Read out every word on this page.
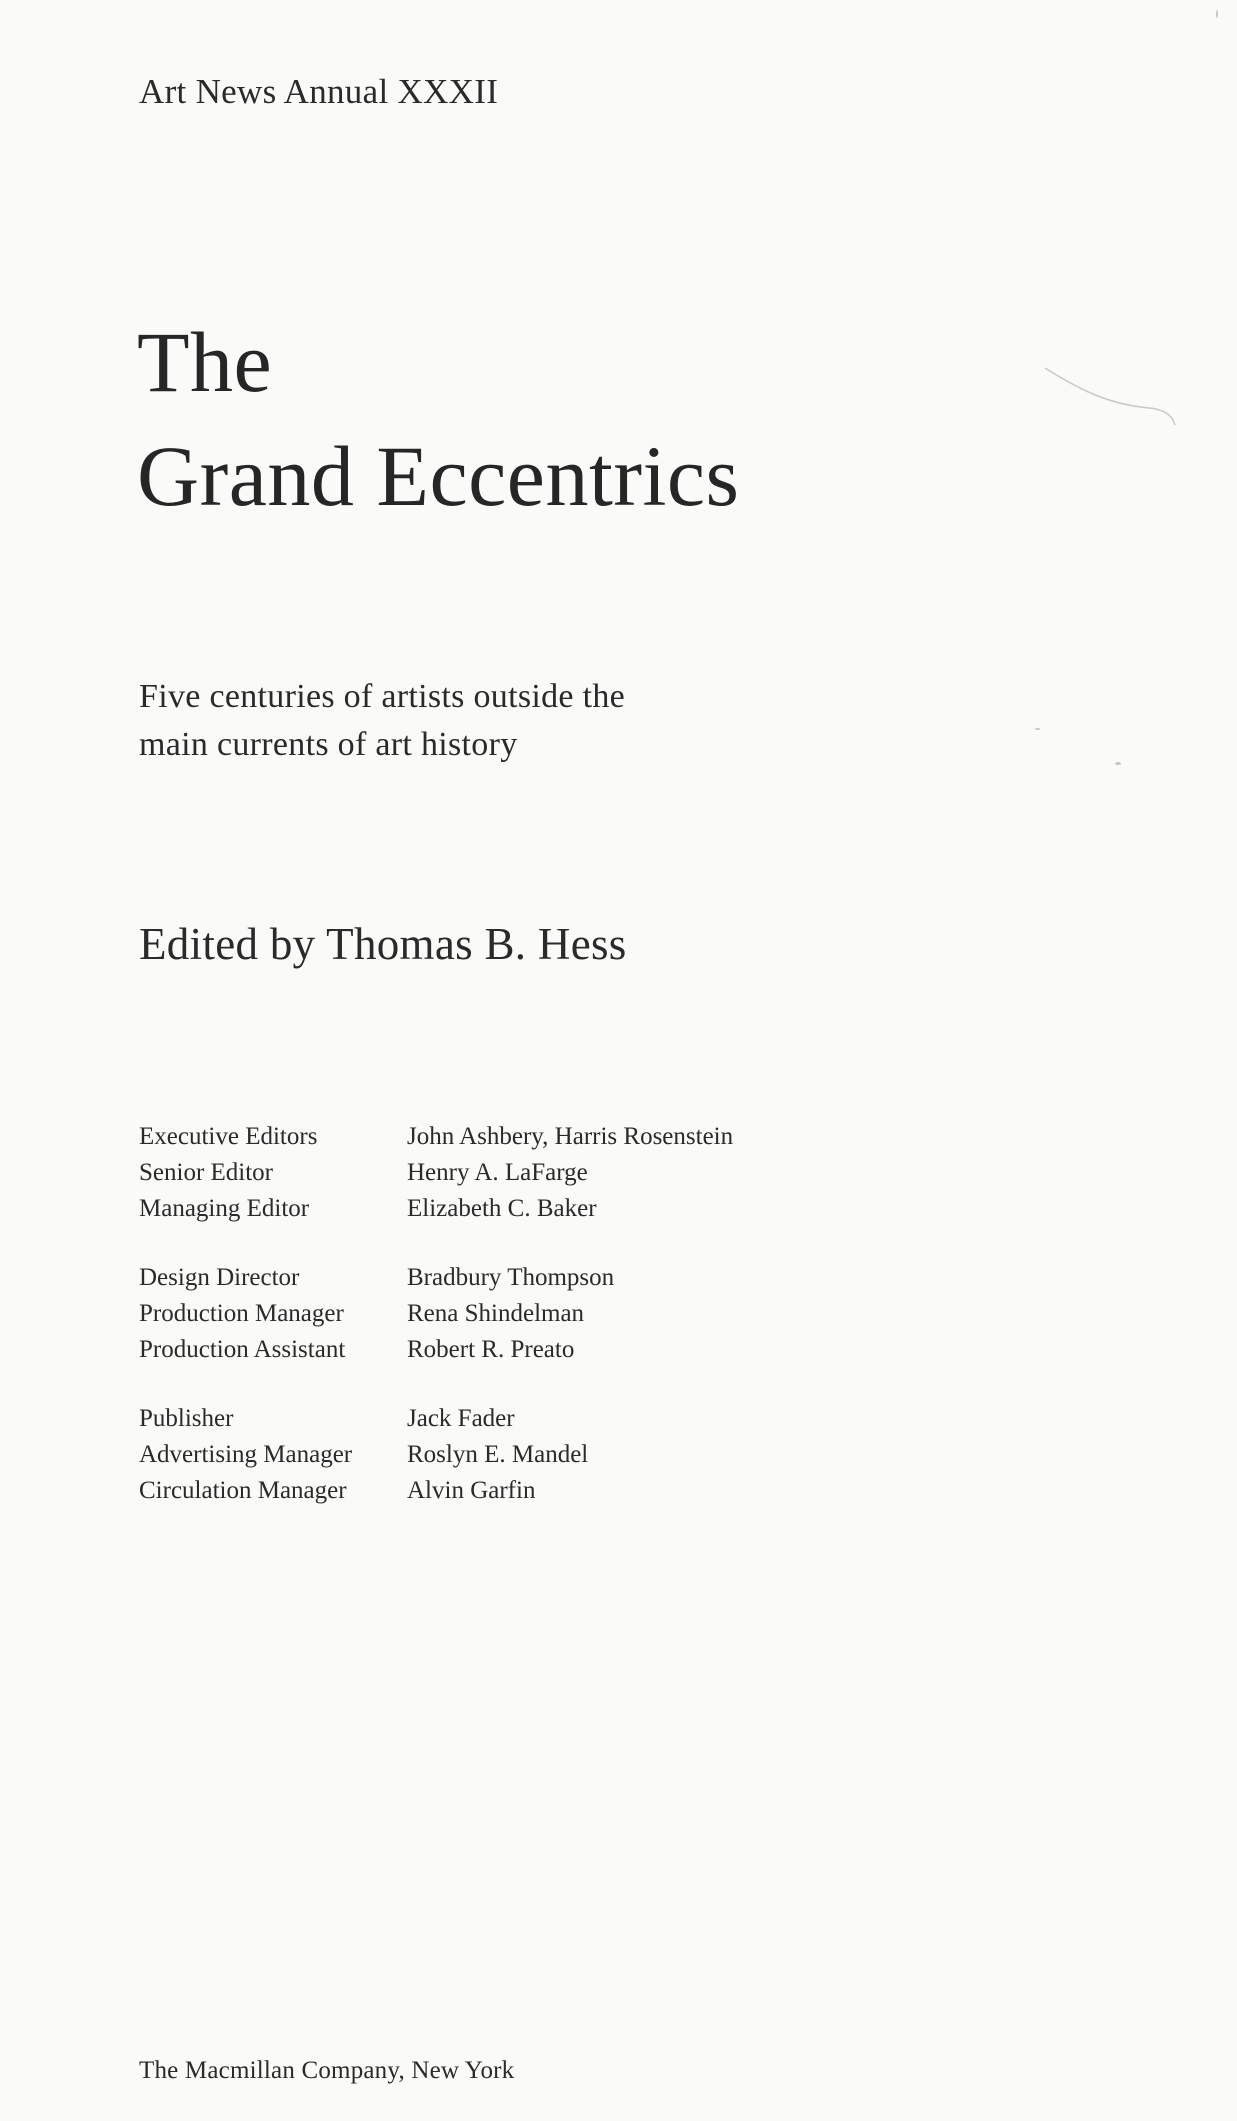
Art News Annual XXXII
The
Grand Eccentrics
Five centuries of artists outside the
main currents of art history
Edited by Thomas B. Hess
Executive Editors	John Ashbery, Harris Rosenstein
Senior Editor	Henry A. LaFarge
Managing Editor	Elizabeth C. Baker
Design Director	Bradbury Thompson
Production Manager	Rena Shindelman
Production Assistant	Robert R. Preato
Publisher	Jack Fader
Advertising Manager	Roslyn E. Mandel
Circulation Manager	Alvin Garfin
The Macmillan Company, New York
